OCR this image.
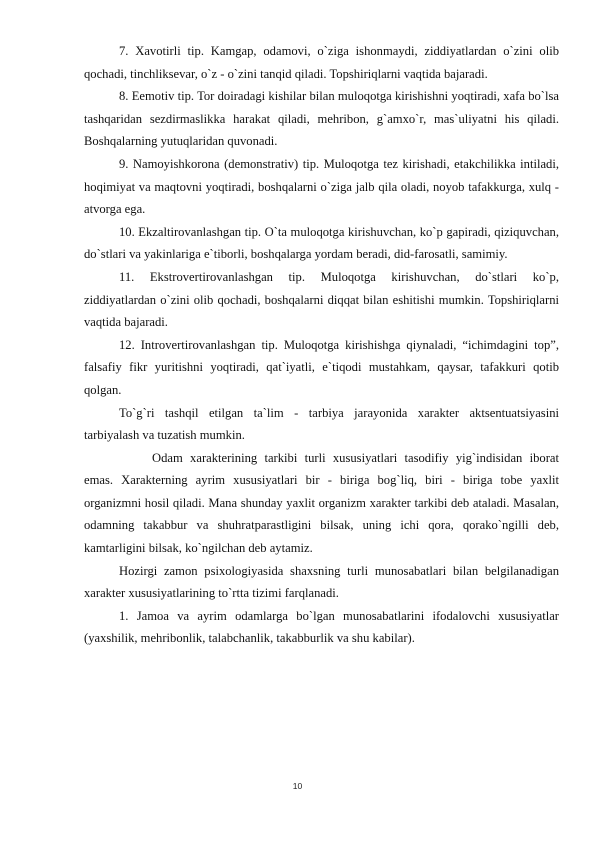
7. Xavotirli tip. Kamgap, odamovi, o`ziga ishonmaydi, ziddiyatlardan o`zini olib qochadi, tinchliksevar, o`z - o`zini tanqid qiladi. Topshiriqlarni vaqtida bajaradi.

8. Eemotiv tip. Tor doiradagi kishilar bilan muloqotga kirishishni yoqtiradi, xafa bo`lsa tashqaridan sezdirmaslikka harakat qiladi, mehribon, g`amxo`r, mas`uliyatni his qiladi. Boshqalarning yutuqlaridan quvonadi.

9. Namoyishkorona (demonstrativ) tip. Muloqotga tez kirishadi, etakchilikka intiladi, hoqimiyat va maqtovni yoqtiradi, boshqalarni o`ziga jalb qila oladi, noyob tafakkurga, xulq - atvorga ega.

10. Ekzaltirovanlashgan tip. O`ta muloqotga kirishuvchan, ko`p gapiradi, qiziquvchan, do`stlari va yakinlariga e`tiborli, boshqalarga yordam beradi, did-farosatli, samimiy.

11. Ekstrovertirovanlashgan tip. Muloqotga kirishuvchan, do`stlari ko`p, ziddiyatlardan o`zini olib qochadi, boshqalarni diqqat bilan eshitishi mumkin. Topshiriqlarni vaqtida bajaradi.

12. Introvertirovanlashgan tip. Muloqotga kirishishga qiynaladi, “ichimdagini top”, falsafiy fikr yuritishni yoqtiradi, qat`iyatli, e`tiqodi mustahkam, qaysar, tafakkuri qotib qolgan.

To`g`ri tashqil etilgan ta`lim - tarbiya jarayonida xarakter aktsentuatsiyasini tarbiyalash va tuzatish mumkin.

Odam xarakterining tarkibi turli xususiyatlari tasodifiy yig`indisidan iborat emas. Xarakterning ayrim xususiyatlari bir - biriga bog`liq, biri - biriga tobe yaxlit organizmni hosil qiladi. Mana shunday yaxlit organizm xarakter tarkibi deb ataladi. Masalan, odamning takabbur va shuhratparastligini bilsak, uning ichi qora, qorako`ngilli deb, kamtarligini bilsak, ko`ngilchan deb aytamiz.

Hozirgi zamon psixologiyasida shaxsning turli munosabatlari bilan belgilanadigan xarakter xususiyatlarining to`rtta tizimi farqlanadi.

1. Jamoa va ayrim odamlarga bo`lgan munosabatlarini ifodalovchi xususiyatlar (yaxshilik, mehribonlik, talabchanlik, takabburlik va shu kabilar).

10
